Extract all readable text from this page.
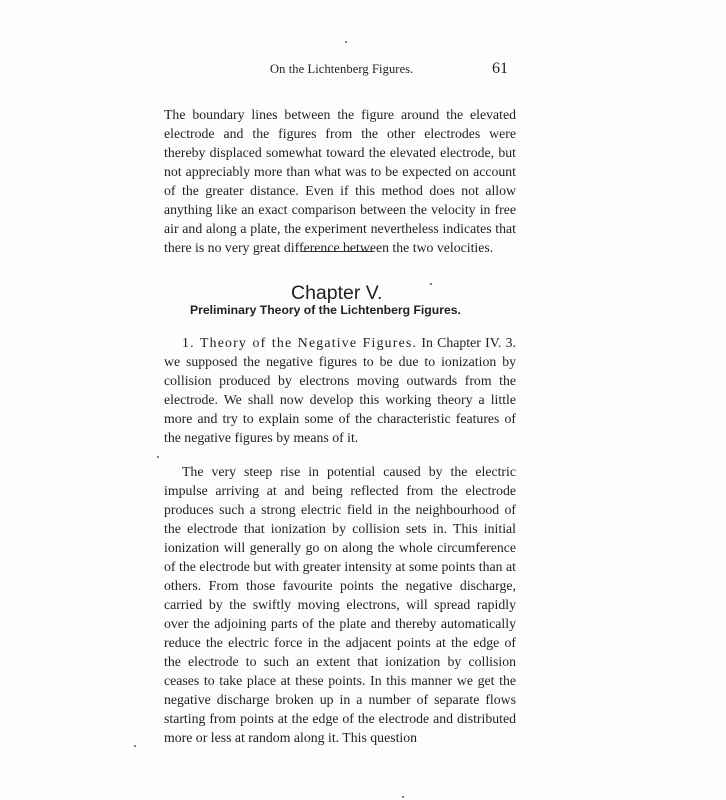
On the Lichtenberg Figures.	61

The boundary lines between the figure around the elevated electrode and the figures from the other electrodes were thereby displaced somewhat toward the elevated electrode, but not appreciably more than what was to be expected on account of the greater distance. Even if this method does not allow anything like an exact comparison between the velocity in free air and along a plate, the experiment nevertheless indicates that there is no very great difference between the two velocities.

Chapter V.
Preliminary Theory of the Lichtenberg Figures.

1. Theory of the Negative Figures. In Chapter IV. 3. we supposed the negative figures to be due to ionization by collision produced by electrons moving outwards from the electrode. We shall now develop this working theory a little more and try to explain some of the characteristic features of the negative figures by means of it.

The very steep rise in potential caused by the electric impulse arriving at and being reflected from the electrode produces such a strong electric field in the neighbourhood of the electrode that ionization by collision sets in. This initial ionization will generally go on along the whole circumference of the electrode but with greater intensity at some points than at others. From those favourite points the negative discharge, carried by the swiftly moving electrons, will spread rapidly over the adjoining parts of the plate and thereby automatically reduce the electric force in the adjacent points at the edge of the electrode to such an extent that ionization by collision ceases to take place at these points. In this manner we get the negative discharge broken up in a number of separate flows starting from points at the edge of the electrode and distributed more or less at random along it. This question
